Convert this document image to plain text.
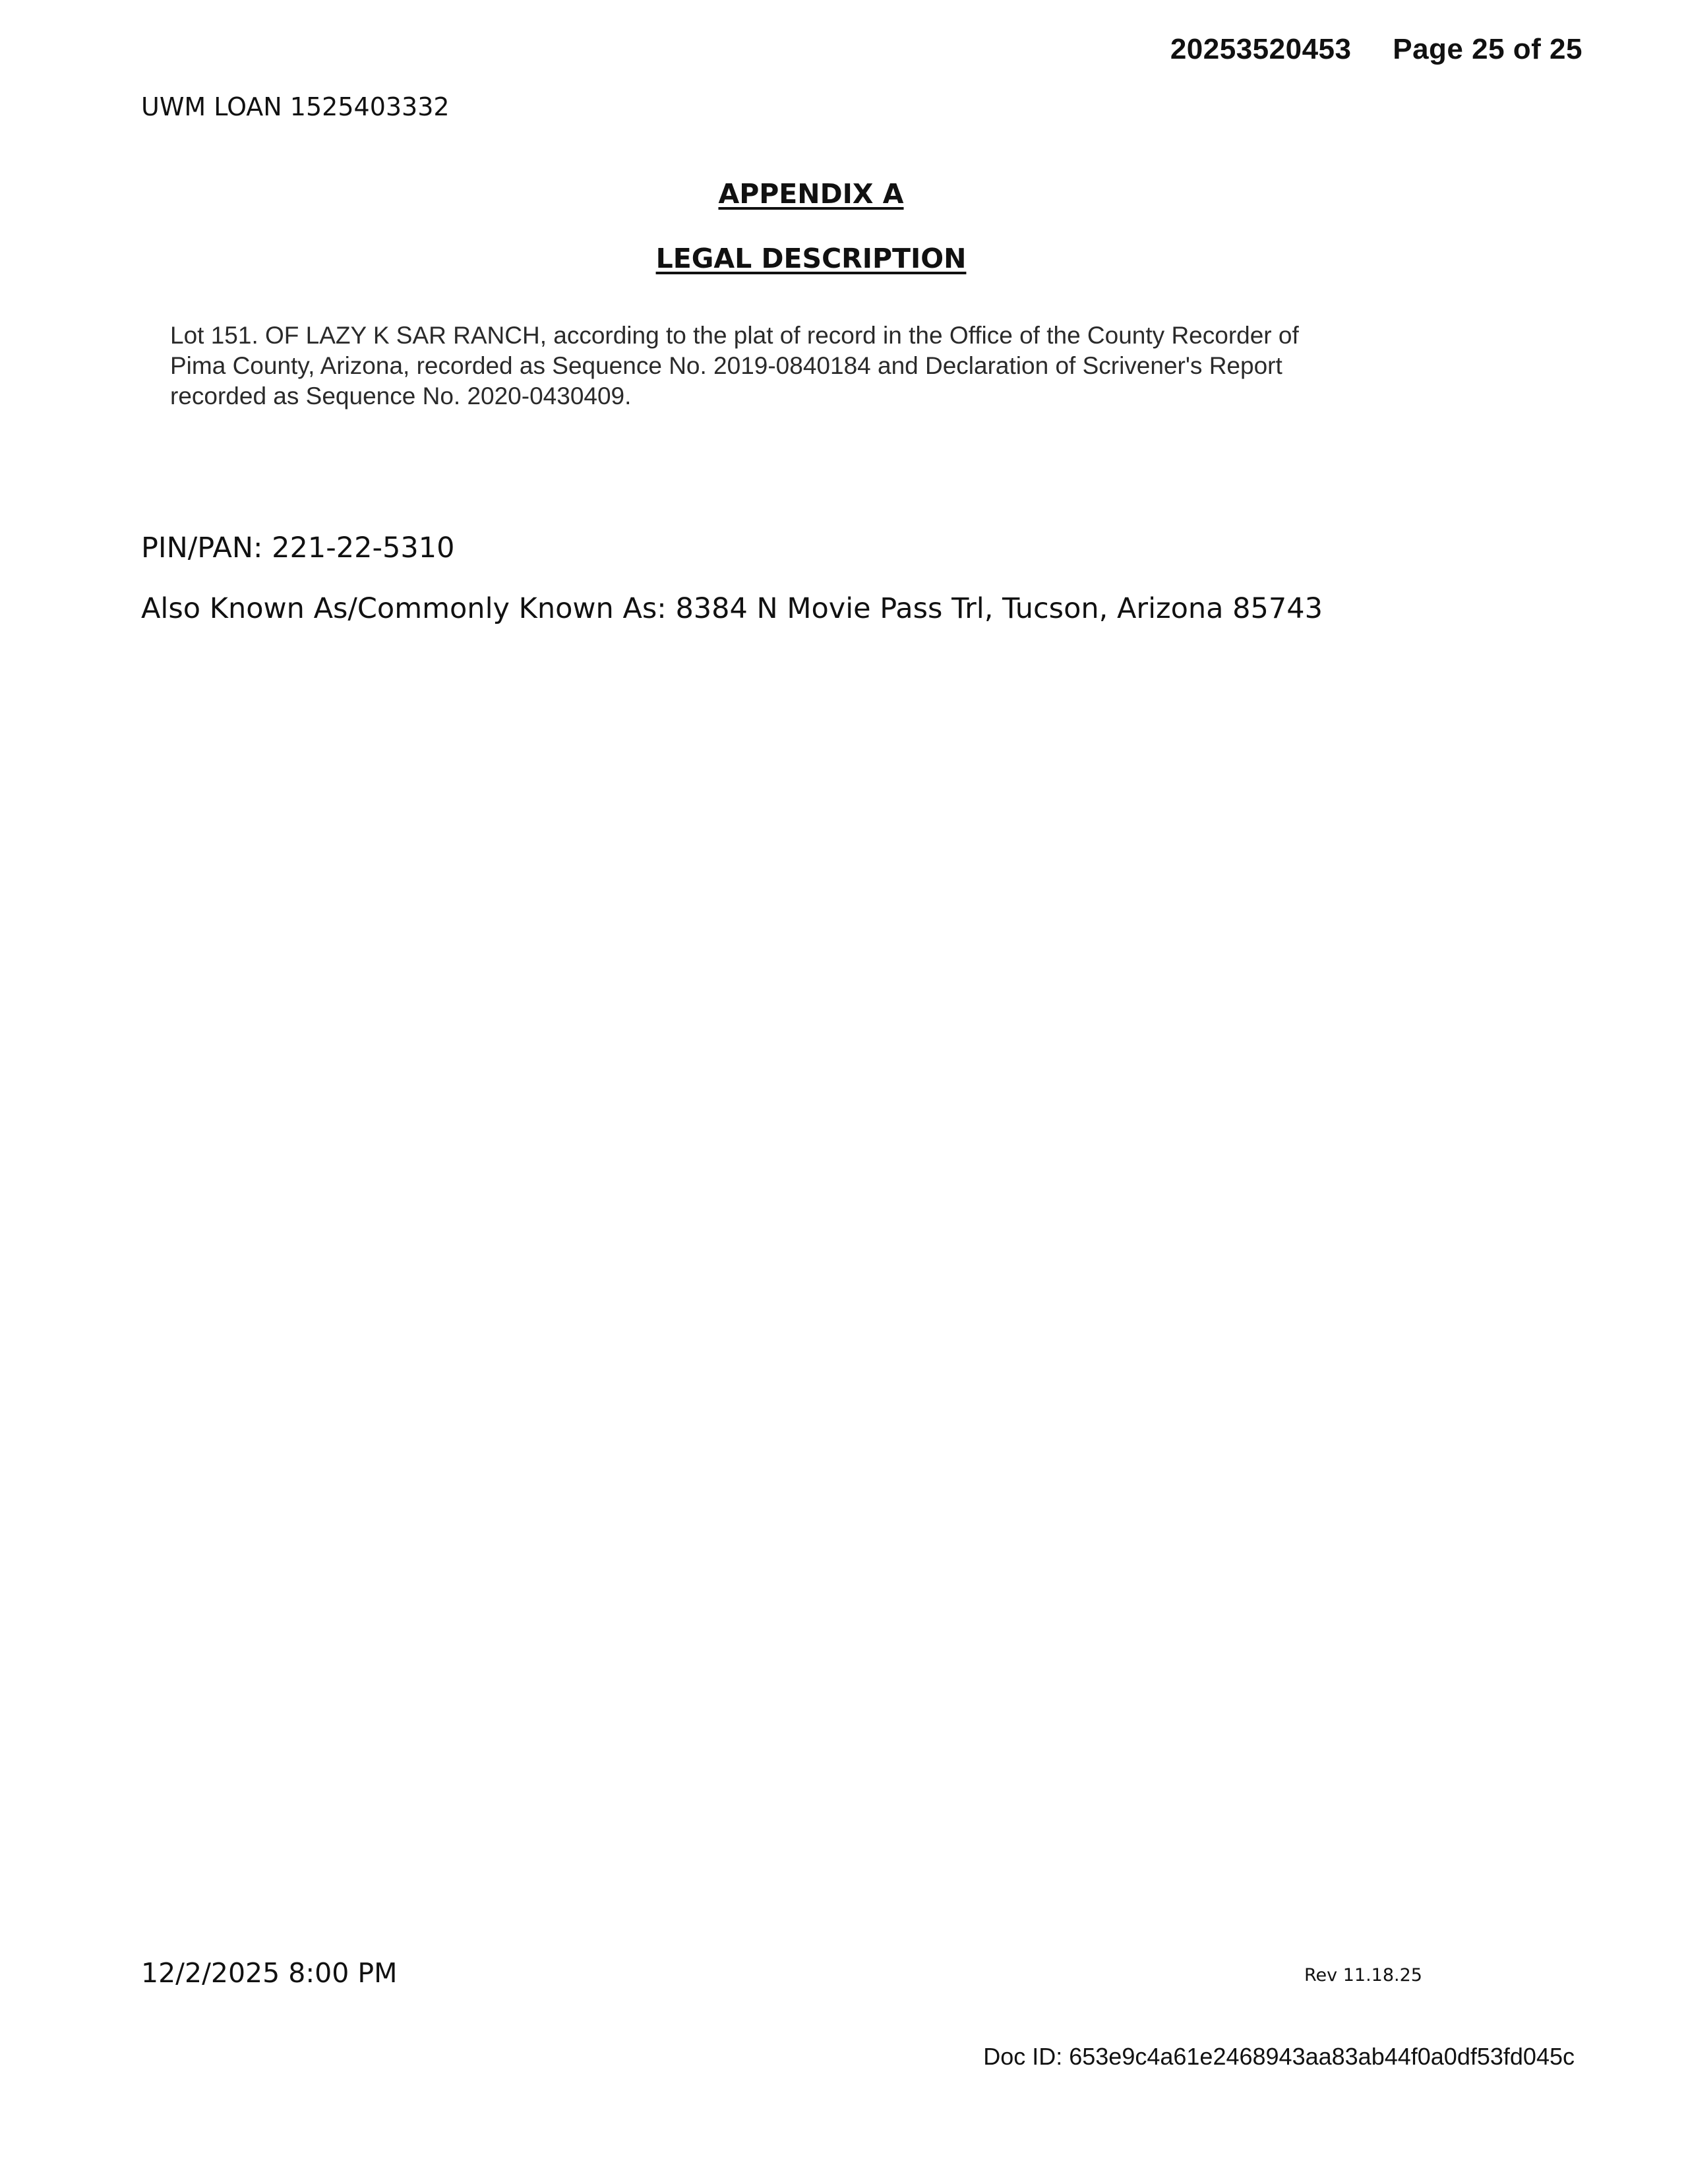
20253520453 Page 25 of 25
UWM LOAN 1525403332
APPENDIX A
LEGAL DESCRIPTION
Lot 151. OF LAZY K SAR RANCH, according to the plat of record in the Office of the County Recorder of
Pima County, Arizona, recorded as Sequence No. 2019-0840184 and Declaration of Scrivener's Report
recorded as Sequence No. 2020-0430409.
PIN/PAN: 221-22-5310
Also Known As/Commonly Known As: 8384 N Movie Pass Trl, Tucson, Arizona 85743
12/2/2025 8:00 PM	Rev 11.18.25
Doc ID: 653e9c4a61e2468943aa83ab44f0a0df53fd045c
